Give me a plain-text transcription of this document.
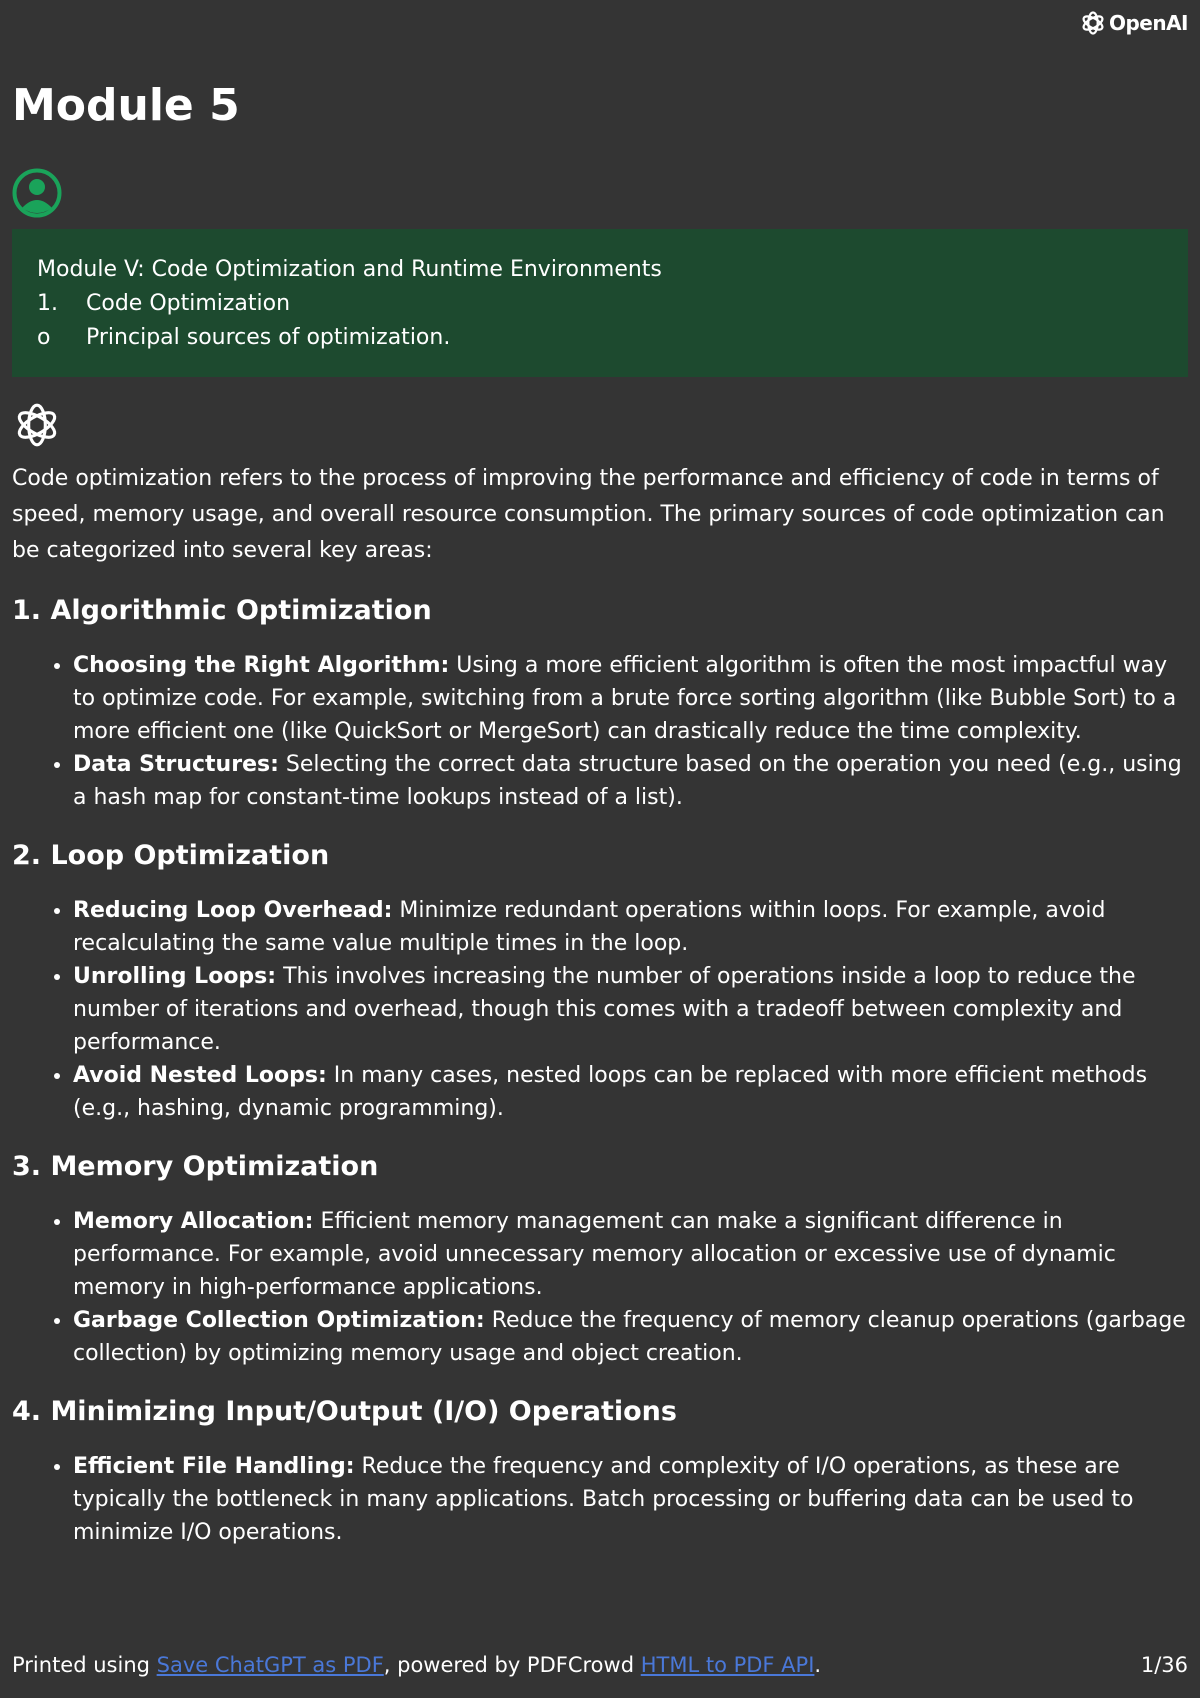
OpenAI
Module 5
Module V: Code Optimization and Runtime Environments
1. Code Optimization
o Principal sources of optimization.

Code optimization refers to the process of improving the performance and efficiency of code in terms of speed, memory usage, and overall resource consumption. The primary sources of code optimization can be categorized into several key areas:

1. Algorithmic Optimization
• Choosing the Right Algorithm: Using a more efficient algorithm is often the most impactful way to optimize code. For example, switching from a brute force sorting algorithm (like Bubble Sort) to a more efficient one (like QuickSort or MergeSort) can drastically reduce the time complexity.
• Data Structures: Selecting the correct data structure based on the operation you need (e.g., using a hash map for constant-time lookups instead of a list).
2. Loop Optimization
• Reducing Loop Overhead: Minimize redundant operations within loops. For example, avoid recalculating the same value multiple times in the loop.
• Unrolling Loops: This involves increasing the number of operations inside a loop to reduce the number of iterations and overhead, though this comes with a tradeoff between complexity and performance.
• Avoid Nested Loops: In many cases, nested loops can be replaced with more efficient methods (e.g., hashing, dynamic programming).
3. Memory Optimization
• Memory Allocation: Efficient memory management can make a significant difference in performance. For example, avoid unnecessary memory allocation or excessive use of dynamic memory in high-performance applications.
• Garbage Collection Optimization: Reduce the frequency of memory cleanup operations (garbage collection) by optimizing memory usage and object creation.
4. Minimizing Input/Output (I/O) Operations
• Efficient File Handling: Reduce the frequency and complexity of I/O operations, as these are typically the bottleneck in many applications. Batch processing or buffering data can be used to minimize I/O operations.
Printed using Save ChatGPT as PDF, powered by PDFCrowd HTML to PDF API.	1/36
